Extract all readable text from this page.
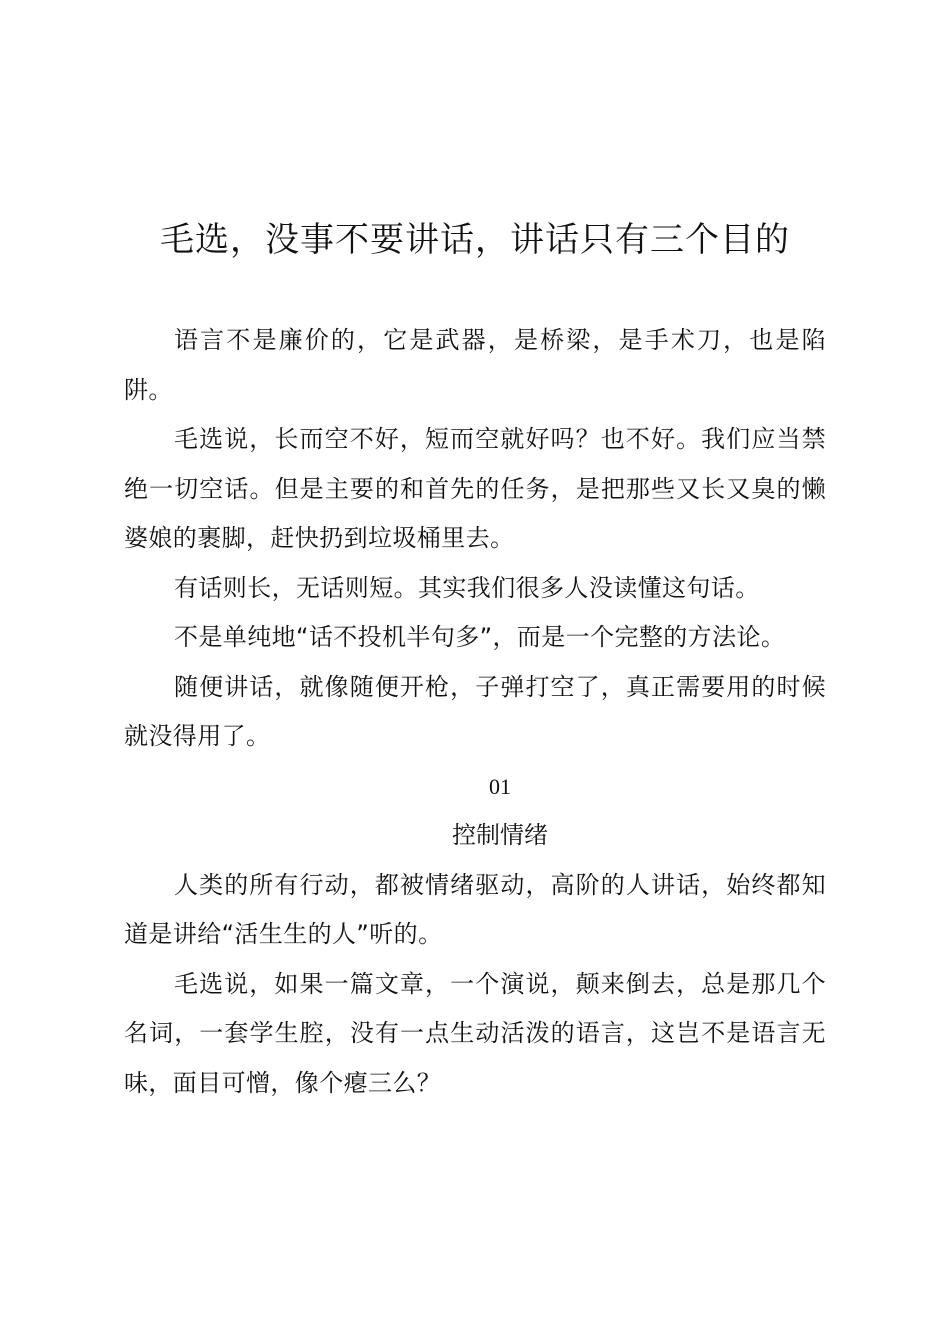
毛选，没事不要讲话，讲话只有三个目的

语言不是廉价的，它是武器，是桥梁，是手术刀，也是陷阱。

毛选说，长而空不好，短而空就好吗？也不好。我们应当禁绝一切空话。但是主要的和首先的任务，是把那些又长又臭的懒婆娘的裹脚，赶快扔到垃圾桶里去。

有话则长，无话则短。其实我们很多人没读懂这句话。

不是单纯地“话不投机半句多”，而是一个完整的方法论。

随便讲话，就像随便开枪，子弹打空了，真正需要用的时候就没得用了。

01

控制情绪

人类的所有行动，都被情绪驱动，高阶的人讲话，始终都知道是讲给“活生生的人”听的。

毛选说，如果一篇文章，一个演说，颠来倒去，总是那几个名词，一套学生腔，没有一点生动活泼的语言，这岂不是语言无味，面目可憎，像个瘪三么？
